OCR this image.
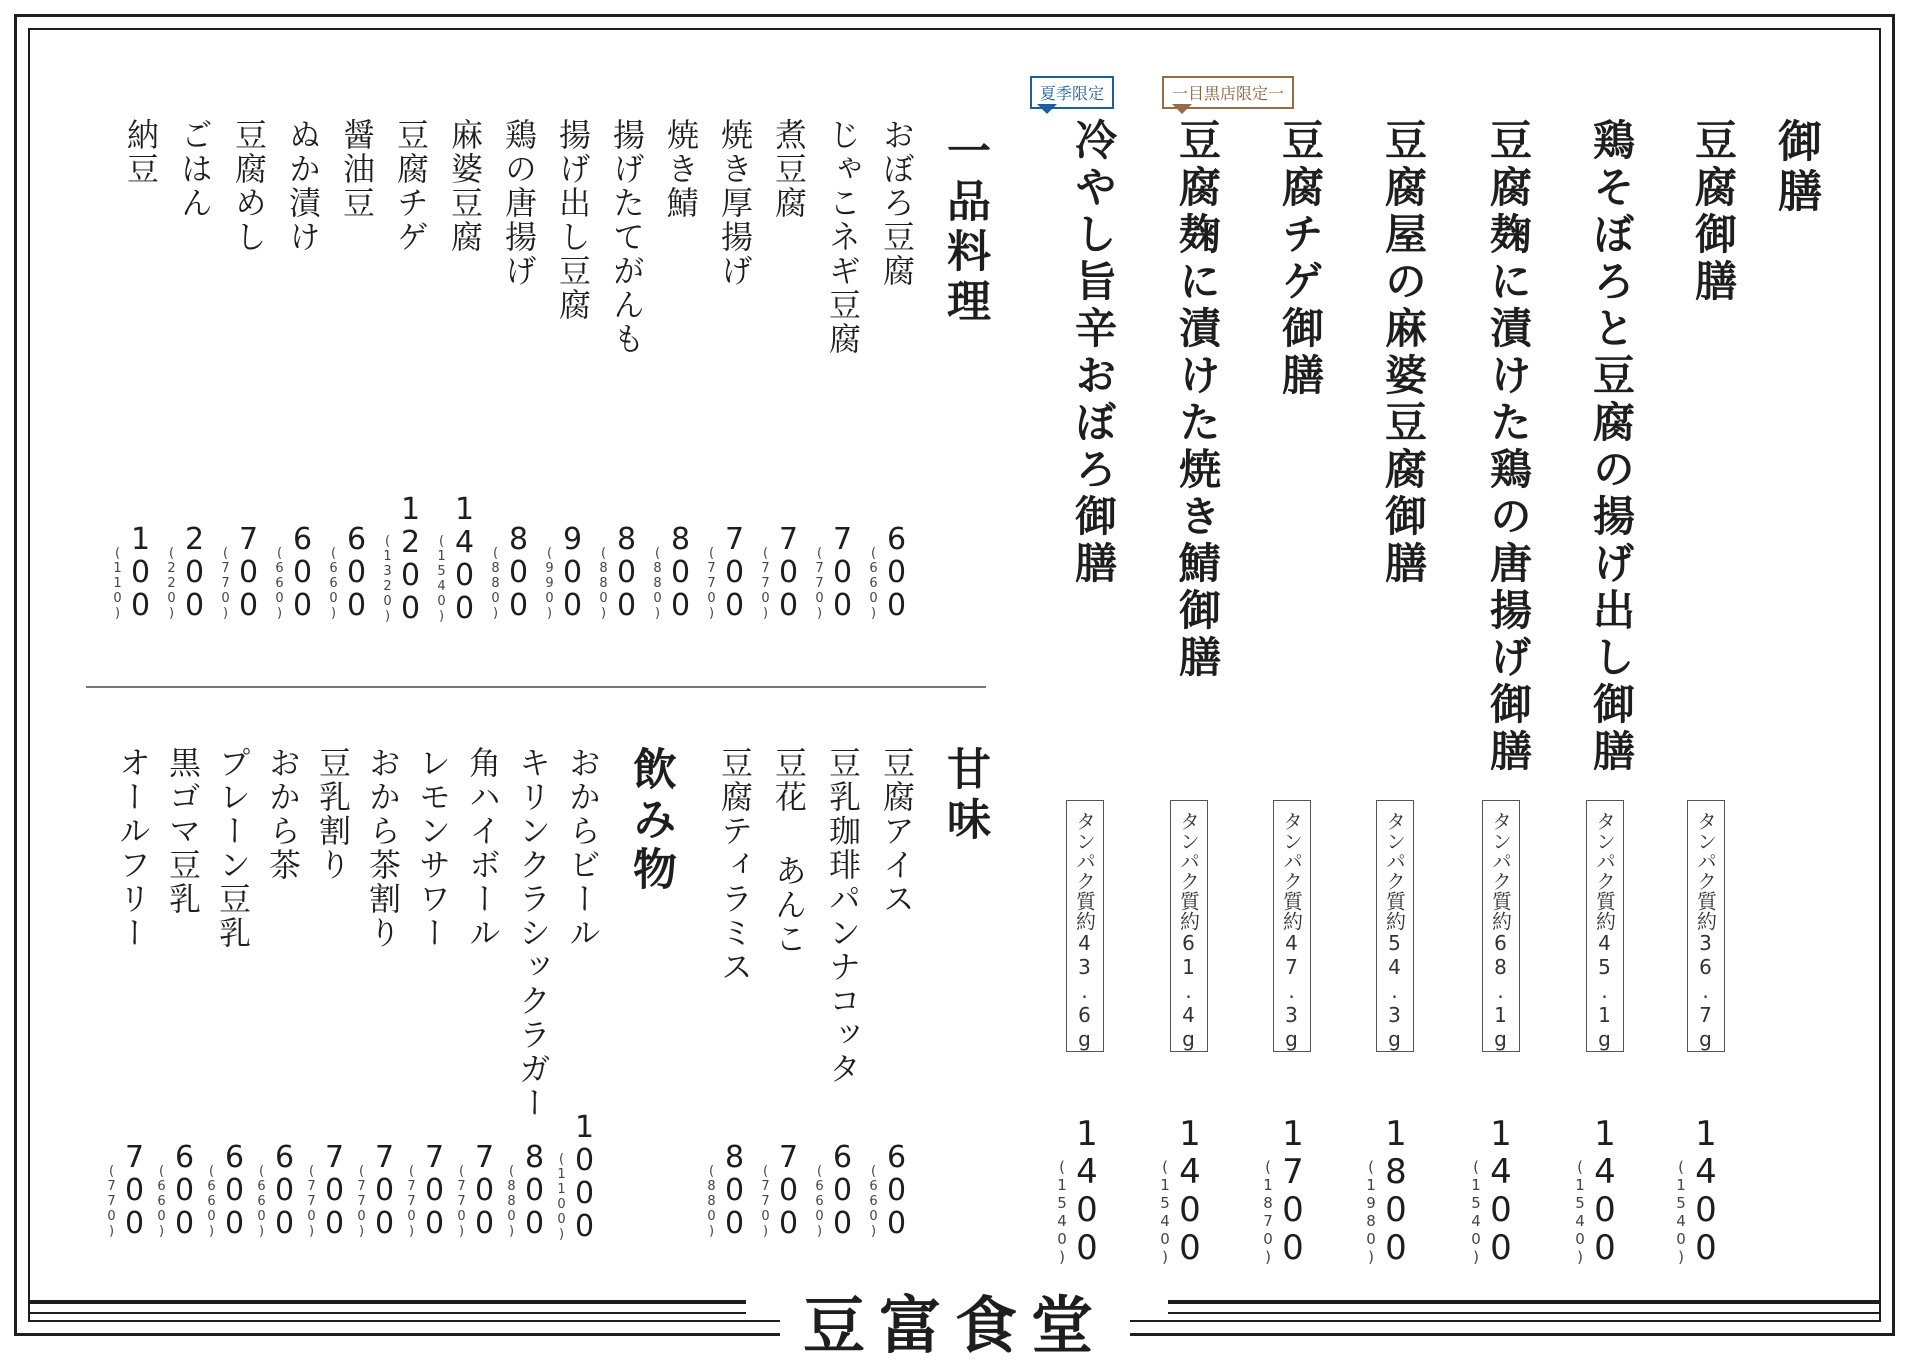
御膳
豆腐御膳
鶏そぼろと豆腐の揚げ出し御膳
豆腐麹に漬けた鶏の唐揚げ御膳
豆腐屋の麻婆豆腐御膳
豆腐チゲ御膳
豆腐麹に漬けた焼き鯖御膳
冷やし旨辛おぼろ御膳
一目黒店限定一
夏季限定
タンパク質約36.7g
タンパク質約45.1g
タンパク質約68.1g
タンパク質約54.3g
タンパク質約47.3g
タンパク質約61.4g
タンパク質約43.6g
1400
(1540)
1400
(1540)
1400
(1540)
1800
(1980)
1700
(1870)
1400
(1540)
1400
(1540)
一品料理
おぼろ豆腐
じゃこネギ豆腐
煮豆腐
焼き厚揚げ
焼き鯖
揚げたてがんも
揚げ出し豆腐
鶏の唐揚げ
麻婆豆腐
豆腐チゲ
醤油豆
ぬか漬け
豆腐めし
ごはん
納豆
600
(660)
700
(770)
700
(770)
700
(770)
800
(880)
800
(880)
900
(990)
800
(880)
1400
(1540)
1200
(1320)
600
(660)
600
(660)
700
(770)
200
(220)
100
(110)
甘味
豆腐アイス
豆乳珈琲パンナコッタ
豆花 あんこ
豆腐ティラミス
600
(660)
600
(660)
700
(770)
800
(880)
飲み物
おからビール
キリンクラシックラガー
角ハイボール
レモンサワー
おから茶割り
豆乳割り
おから茶
プレーン豆乳
黒ゴマ豆乳
オールフリー
1000
(1100)
800
(880)
700
(770)
700
(770)
700
(770)
700
(770)
600
(660)
600
(660)
600
(660)
700
(770)
豆富食堂
